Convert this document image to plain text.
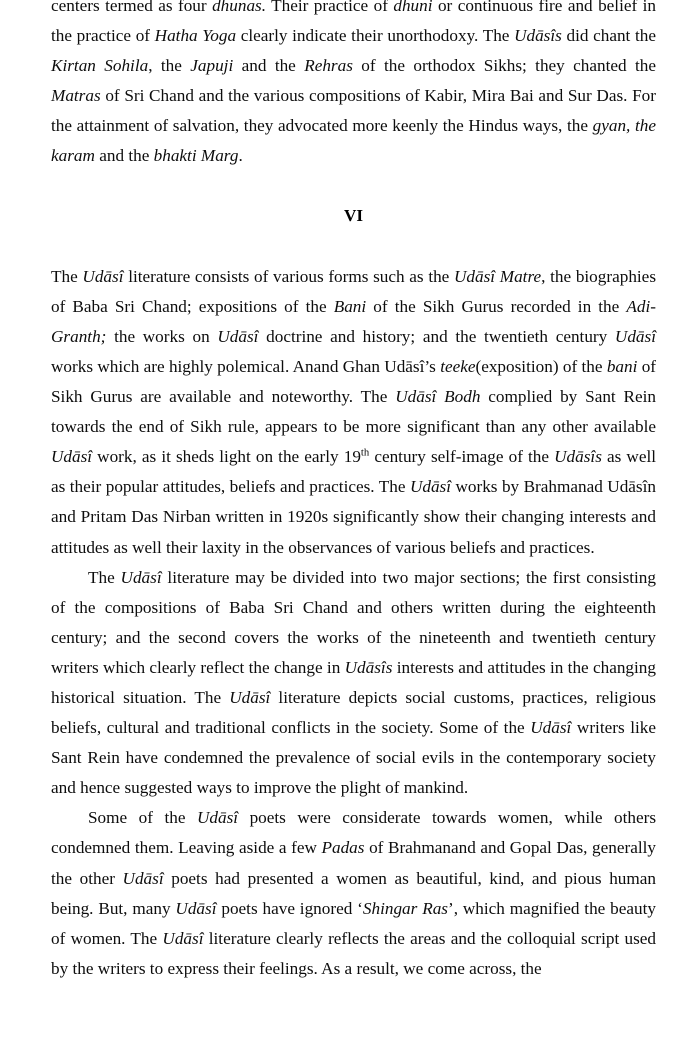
centers termed as four dhunas. Their practice of dhuni or continuous fire and belief in the practice of Hatha Yoga clearly indicate their unorthodoxy. The Udāsîs did chant the Kirtan Sohila, the Japuji and the Rehras of the orthodox Sikhs; they chanted the Matras of Sri Chand and the various compositions of Kabir, Mira Bai and Sur Das. For the attainment of salvation, they advocated more keenly the Hindus ways, the gyan, the karam and the bhakti Marg.

VI

The Udāsî literature consists of various forms such as the Udāsî Matre, the biographies of Baba Sri Chand; expositions of the Bani of the Sikh Gurus recorded in the Adi-Granth; the works on Udāsî doctrine and history; and the twentieth century Udāsî works which are highly polemical. Anand Ghan Udāsî’s teeke(exposition) of the bani of Sikh Gurus are available and noteworthy. The Udāsî Bodh complied by Sant Rein towards the end of Sikh rule, appears to be more significant than any other available Udāsî work, as it sheds light on the early 19th century self-image of the Udāsîs as well as their popular attitudes, beliefs and practices. The Udāsî works by Brahmanad Udāsîn and Pritam Das Nirban written in 1920s significantly show their changing interests and attitudes as well their laxity in the observances of various beliefs and practices.

The Udāsî literature may be divided into two major sections; the first consisting of the compositions of Baba Sri Chand and others written during the eighteenth century; and the second covers the works of the nineteenth and twentieth century writers which clearly reflect the change in Udāsîs interests and attitudes in the changing historical situation. The Udāsî literature depicts social customs, practices, religious beliefs, cultural and traditional conflicts in the society. Some of the Udāsî writers like Sant Rein have condemned the prevalence of social evils in the contemporary society and hence suggested ways to improve the plight of mankind.

Some of the Udāsî poets were considerate towards women, while others condemned them. Leaving aside a few Padas of Brahmanand and Gopal Das, generally the other Udāsî poets had presented a women as beautiful, kind, and pious human being. But, many Udāsî poets have ignored ‘Shingar Ras’, which magnified the beauty of women. The Udāsî literature clearly reflects the areas and the colloquial script used by the writers to express their feelings. As a result, we come across, the
